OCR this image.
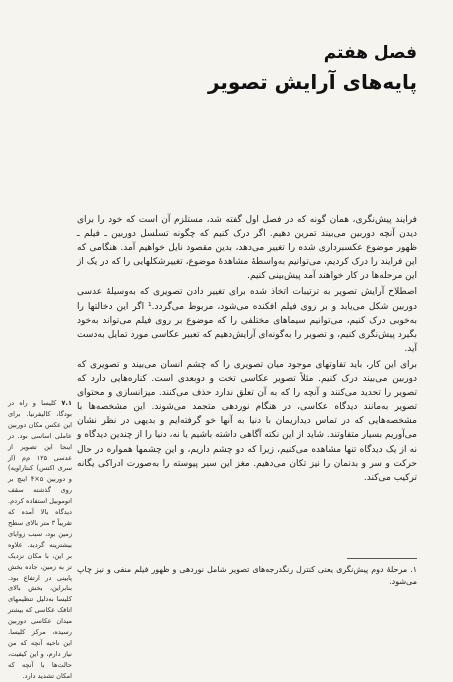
فصل هفتم
پایه‌های آرایش تصویر

فرایند پیش‌نگری، همان گونه که در فصل اول گفته شد، مستلزم آن است که خود را برای دیدن آنچه دوربین می‌بیند تمرین دهیم. اگر درک کنیم که چگونه تسلسل دوربین ـ فیلم ـ ظهور موضوع عکسبرداری شده را تغییر می‌دهد، بدین مقصود نایل خواهیم آمد. هنگامی که این فرایند را درک کردیم، می‌توانیم به‌واسطهٔ مشاهدهٔ موضوع، تغییرشکلهایی را که در یک از این مرحله‌ها در کار خواهند آمد پیش‌بینی کنیم.

اصطلاح آرایش تصویر به ترتیبات اتخاذ شده برای تغییر دادن تصویری که به‌وسیلهٔ عدسی دوربین شکل می‌یابد و بر روی فیلم افکنده می‌شود، مربوط می‌گردد.¹ اگر این دخالتها را به‌خوبی درک کنیم، می‌توانیم سیماهای مختلفی را که موضوع بر روی فیلم می‌تواند به‌خود بگیرد پیش‌نگری کنیم، و تصویر را به‌گونه‌ای آرایش‌دهیم که تعبیر عکاسی مورد تمایل به‌دست آید.

برای این کار، باید تفاوتهای موجود میان تصویری را که چشم انسان می‌بیند و تصویری که دوربین می‌بیند درک کنیم. مثلاً تصویر عکاسی تخت و دوبعدی است. کناره‌هایی دارد که تصویر را تحدید می‌کنند و آنچه را که به آن تعلق ندارد حذف می‌کنند. میزانسازی و محتوای تصویر به‌مانند دیدگاه عکاسی، در هنگام نوردهی متجمد می‌شوند. این مشخصه‌ها با مشخصه‌هایی که در تماس دیداریمان با دنیا به آنها خو گرفته‌ایم و بدیهی در نظر نشان می‌آوریم بسیار متفاوتند. شاید از این نکته آگاهی داشته باشیم یا نه، دنیا را از چندین دیدگاه و نه از یک دیدگاه تنها مشاهده می‌کنیم، زیرا که دو چشم داریم، و این چشمها همواره در حال حرکت و سر و بدنمان را نیز تکان می‌دهیم. مغز این سیر پیوسته را به‌صورت ادراکی یگانه ترکیب می‌کند.

۱. مرحلهٔ دوم پیش‌نگری یعنی کنترل رنگدرجه‌های تصویر شامل نوردهی و ظهور فیلم منفی و نیز چاپ می‌شود.
۷.۱ کلیسا و راه در بودگا، کالیفرنیا. برای این عکس مکان دوربین عاملی اساسی بود. در اینجا این تصویر از عدسی ۱۲۵ م‌م (از سری اکتس) کنتاراویه) و دوربین ۵×۴ اینچ بر روی گذشته سقف اتوموبیل استفاده کردم. دیدگاه بالا آمده که تقریباً ۳ متر بالای سطح زمین بود، سبب زوایای بیشترینه گردید. علاوه بر این، با مکان نزدیک تر به زمین، جاده بخش پایینی در ارتفاع بود. بنابراین، بخش بالای کلیسا به‌دلیل تنظیمهای اتاقک عکاسی که بیشتر میدان عکاسی دوربین رسیده، مرکز کلیسا. این ناحیه آنچه که من نیاز دارم، و این کیفیت، حالت‌ها با آنچه که امکان تشدید دارد.
